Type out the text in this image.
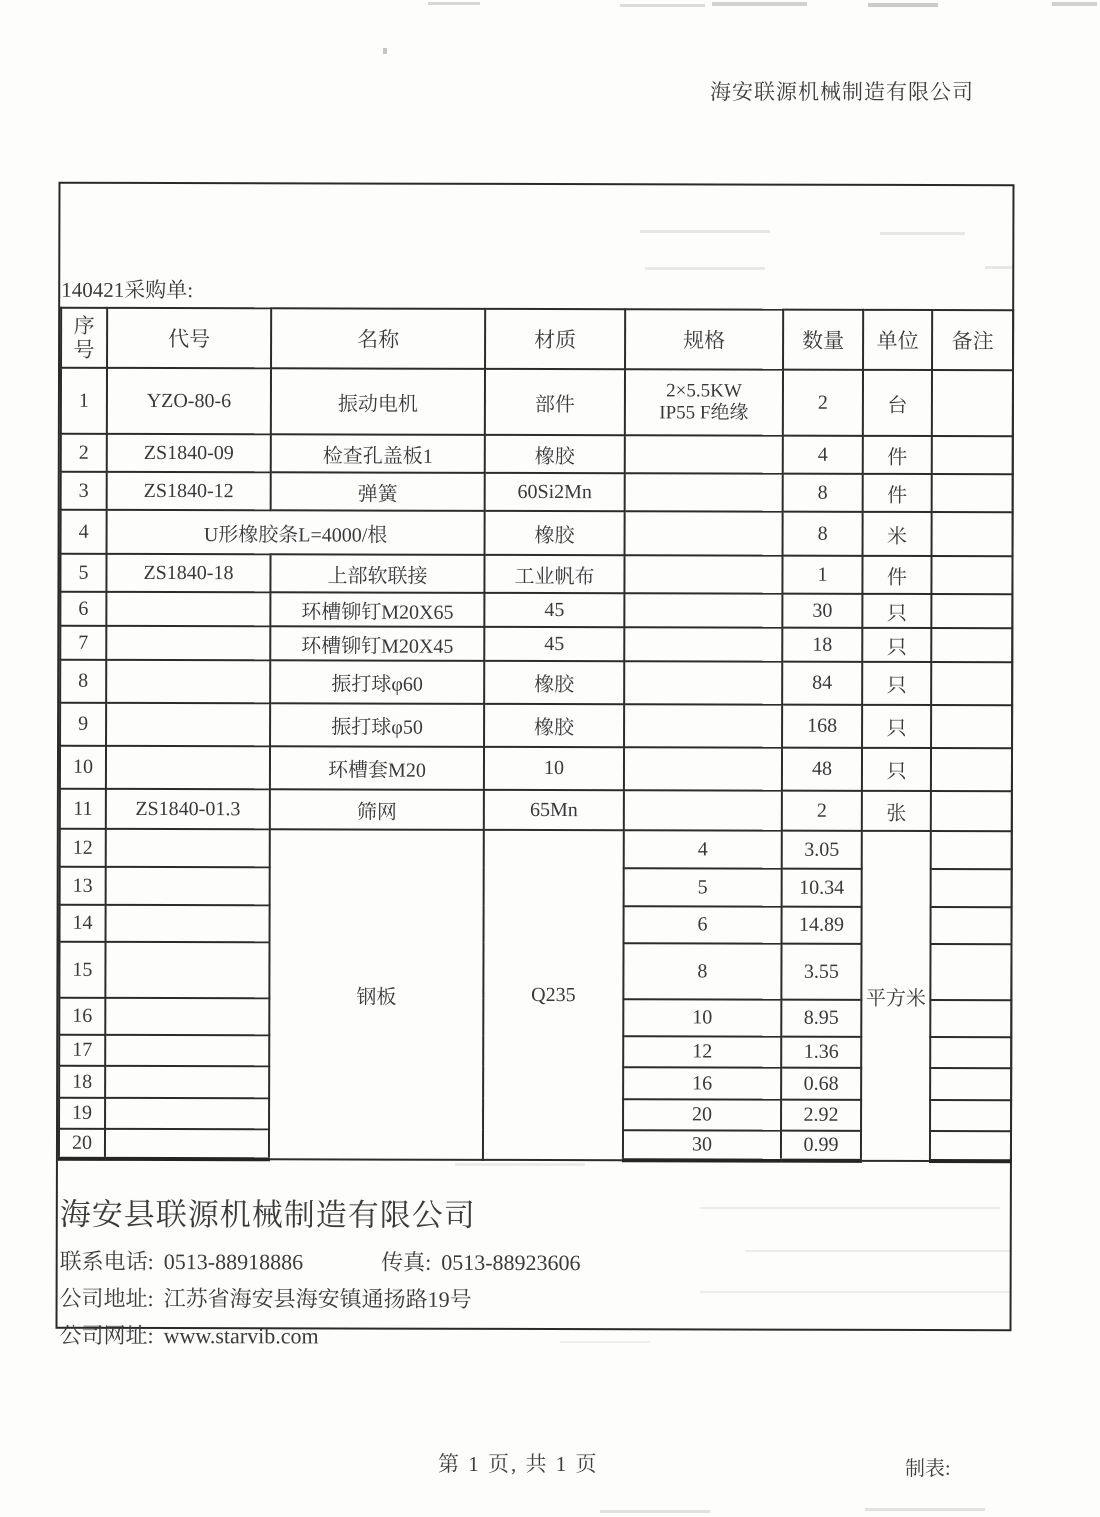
海安联源机械制造有限公司
140421采购单:
序
号	代号	名称	材质	规格	数量	单位	备注
1	YZO-80-6	振动电机	部件	2×5.5KW
IP55 F绝缘	2	台	
2	ZS1840-09	检查孔盖板1	橡胶		4	件	
3	ZS1840-12	弹簧	60Si2Mn		8	件	
4	U形橡胶条L=4000/根		橡胶		8	米	
5	ZS1840-18	上部软联接	工业帆布		1	件	
6		环槽铆钉M20X65	45		30	只	
7		环槽铆钉M20X45	45		18	只	
8		振打球φ60	橡胶		84	只	
9		振打球φ50	橡胶		168	只	
10		环槽套M20	10		48	只	
11	ZS1840-01.3	筛网	65Mn		2	张	
12		钢板	Q235	4	3.05	平方米	
13				5	10.34		
14				6	14.89		
15				8	3.55		
16				10	8.95		
17				12	1.36		
18				16	0.68		
19				20	2.92		
20				30	0.99		
海安县联源机械制造有限公司
联系电话: 0513-88918886	传真: 0513-88923606
公司地址: 江苏省海安县海安镇通扬路19号
公司网址: www.starvib.com
第 1 页, 共 1 页	制表:
